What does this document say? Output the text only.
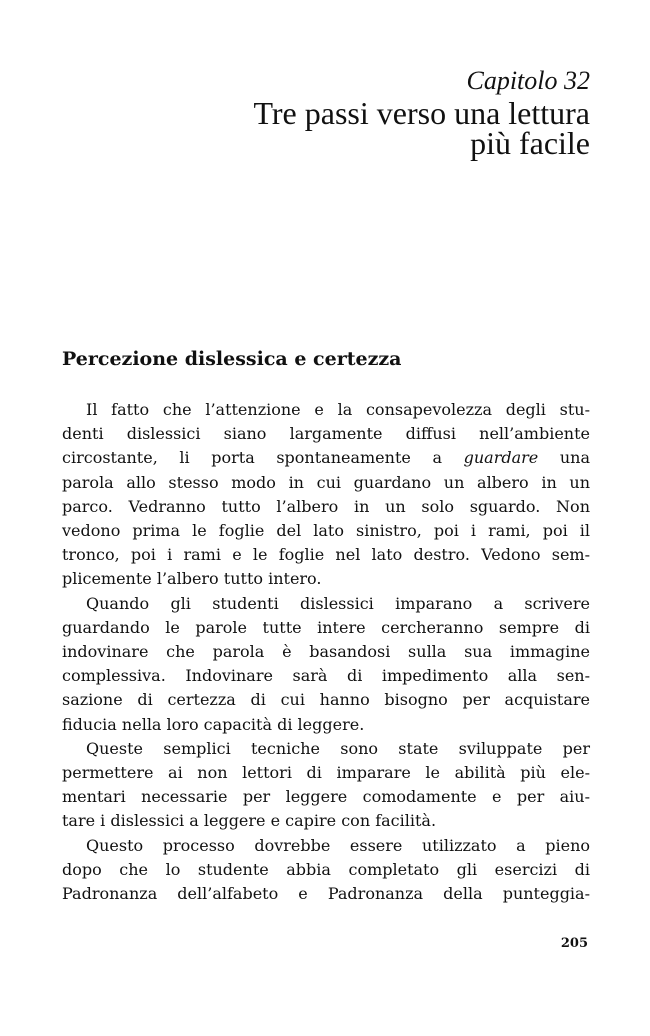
Capitolo 32
Tre passi verso una lettura
più facile
Percezione dislessica e certezza

Il fatto che l’attenzione e la consapevolezza degli stu-
denti dislessici siano largamente diffusi nell’ambiente
circostante, li porta spontaneamente a guardare una
parola allo stesso modo in cui guardano un albero in un
parco. Vedranno tutto l’albero in un solo sguardo. Non
vedono prima le foglie del lato sinistro, poi i rami, poi il
tronco, poi i rami e le foglie nel lato destro. Vedono sem-
plicemente l’albero tutto intero.

Quando gli studenti dislessici imparano a scrivere
guardando le parole tutte intere cercheranno sempre di
indovinare che parola è basandosi sulla sua immagine
complessiva. Indovinare sarà di impedimento alla sen-
sazione di certezza di cui hanno bisogno per acquistare
fiducia nella loro capacità di leggere.

Queste semplici tecniche sono state sviluppate per
permettere ai non lettori di imparare le abilità più ele-
mentari necessarie per leggere comodamente e per aiu-
tare i dislessici a leggere e capire con facilità.

Questo processo dovrebbe essere utilizzato a pieno
dopo che lo studente abbia completato gli esercizi di
Padronanza dell’alfabeto e Padronanza della punteggia-

205
